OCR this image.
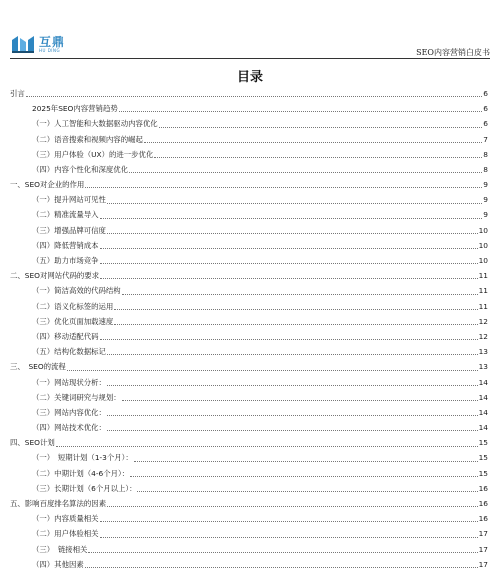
互鼎
HU DING	SEO内容营销白皮书
目录
引言	6
2025年SEO内容营销趋势	6
（一）人工智能和大数据驱动内容优化	6
（二）语音搜索和视频内容的崛起	7
（三）用户体验（UX）的进一步优化	8
（四）内容个性化和深度优化	8
一、SEO对企业的作用	9
（一）提升网站可见性	9
（二）精准流量导入	9
（三）增强品牌可信度	10
（四）降低营销成本	10
（五）助力市场竞争	10
二、SEO对网站代码的要求	11
（一）简洁高效的代码结构	11
（二）语义化标签的运用	11
（三）优化页面加载速度	12
（四）移动适配代码	12
（五）结构化数据标记	13
三、　SEO的流程	13
（一）网站现状分析：	14
（二）关键词研究与规划：	14
（三）网站内容优化：	14
（四）网站技术优化：	14
四、SEO计划	15
（一）　短期计划（1-3个月）：	15
（二）中期计划（4-6个月）：	15
（三）长期计划（6个月以上）：	16
五、影响百度排名算法的因素	16
（一）内容质量相关	16
（二）用户体验相关	17
（三）　链接相关	17
（四）其他因素	17
